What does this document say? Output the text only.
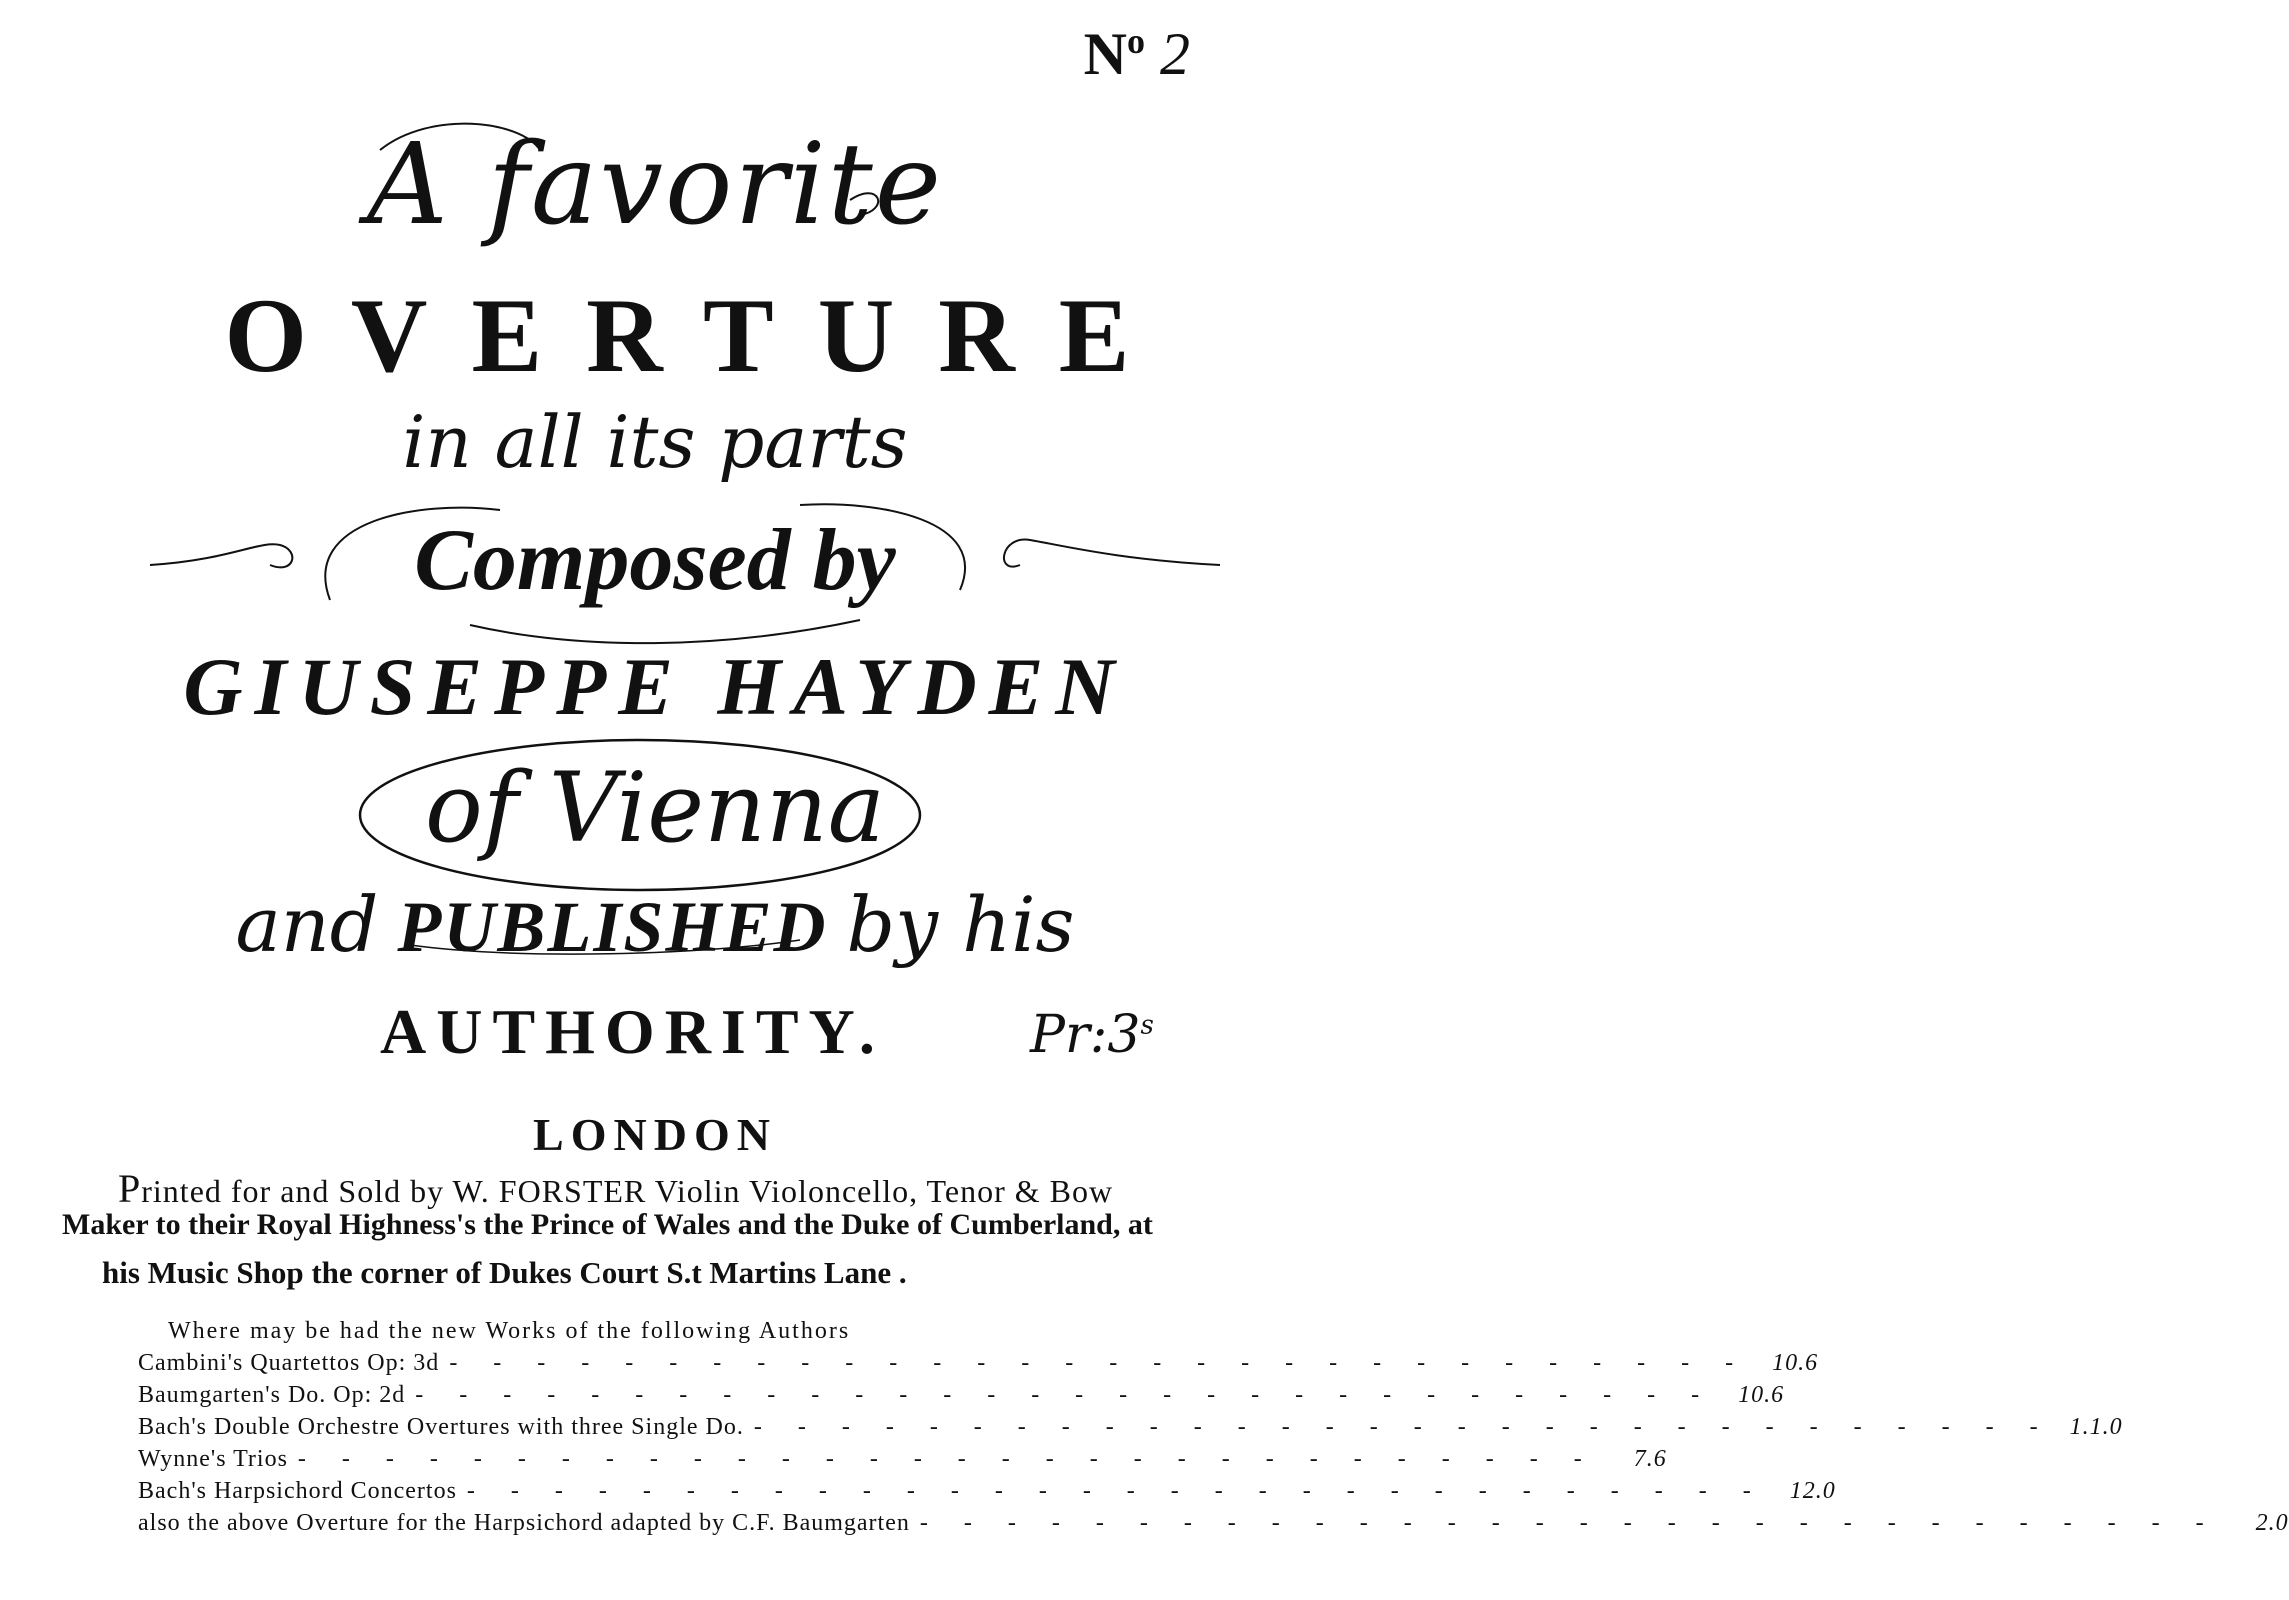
$N^o$ 2
A favorite
OVERTURE
in all its parts
Composed by
GIUSEPPE HAYDEN
of Vienna
and PUBLISHED by his
AUTHORITY.	Pr:3$^s$
LONDON
Printed for and Sold by W. FORSTER Violin Violoncello, Tenor & Bow
Maker to their Royal Highness's the Prince of Wales and the Duke of Cumberland, at
his Music Shop the corner of Dukes Court S.t Martins Lane .
Where may be had the new Works of the following Authors
Cambini's Quartettos Op: 3d - - - - - - - - - - - - - - - - - - - - - - - - - - - - - -	10.6
Baumgarten's Do. Op: 2d - - - - - - - - - - - - - - - - - - - - - - - - - - - - - -	10.6
Bach's Double Orchestre Overtures with three Single Do. - - - - - - - - - - - - - - - - - - - - - - - - - - - - - - 1.1.0
Wynne's Trios - - - - - - - - - - - - - - - - - - - - - - - - - - - - - -	7.6
Bach's Harpsichord Concertos - - - - - - - - - - - - - - - - - - - - - - - - - - - - - -	12.0
also the above Overture for the Harpsichord adapted by C.F. Baumgarten - - - - - - - - - - - - - - - - - - - - - - - - - - - - - -	2.0
